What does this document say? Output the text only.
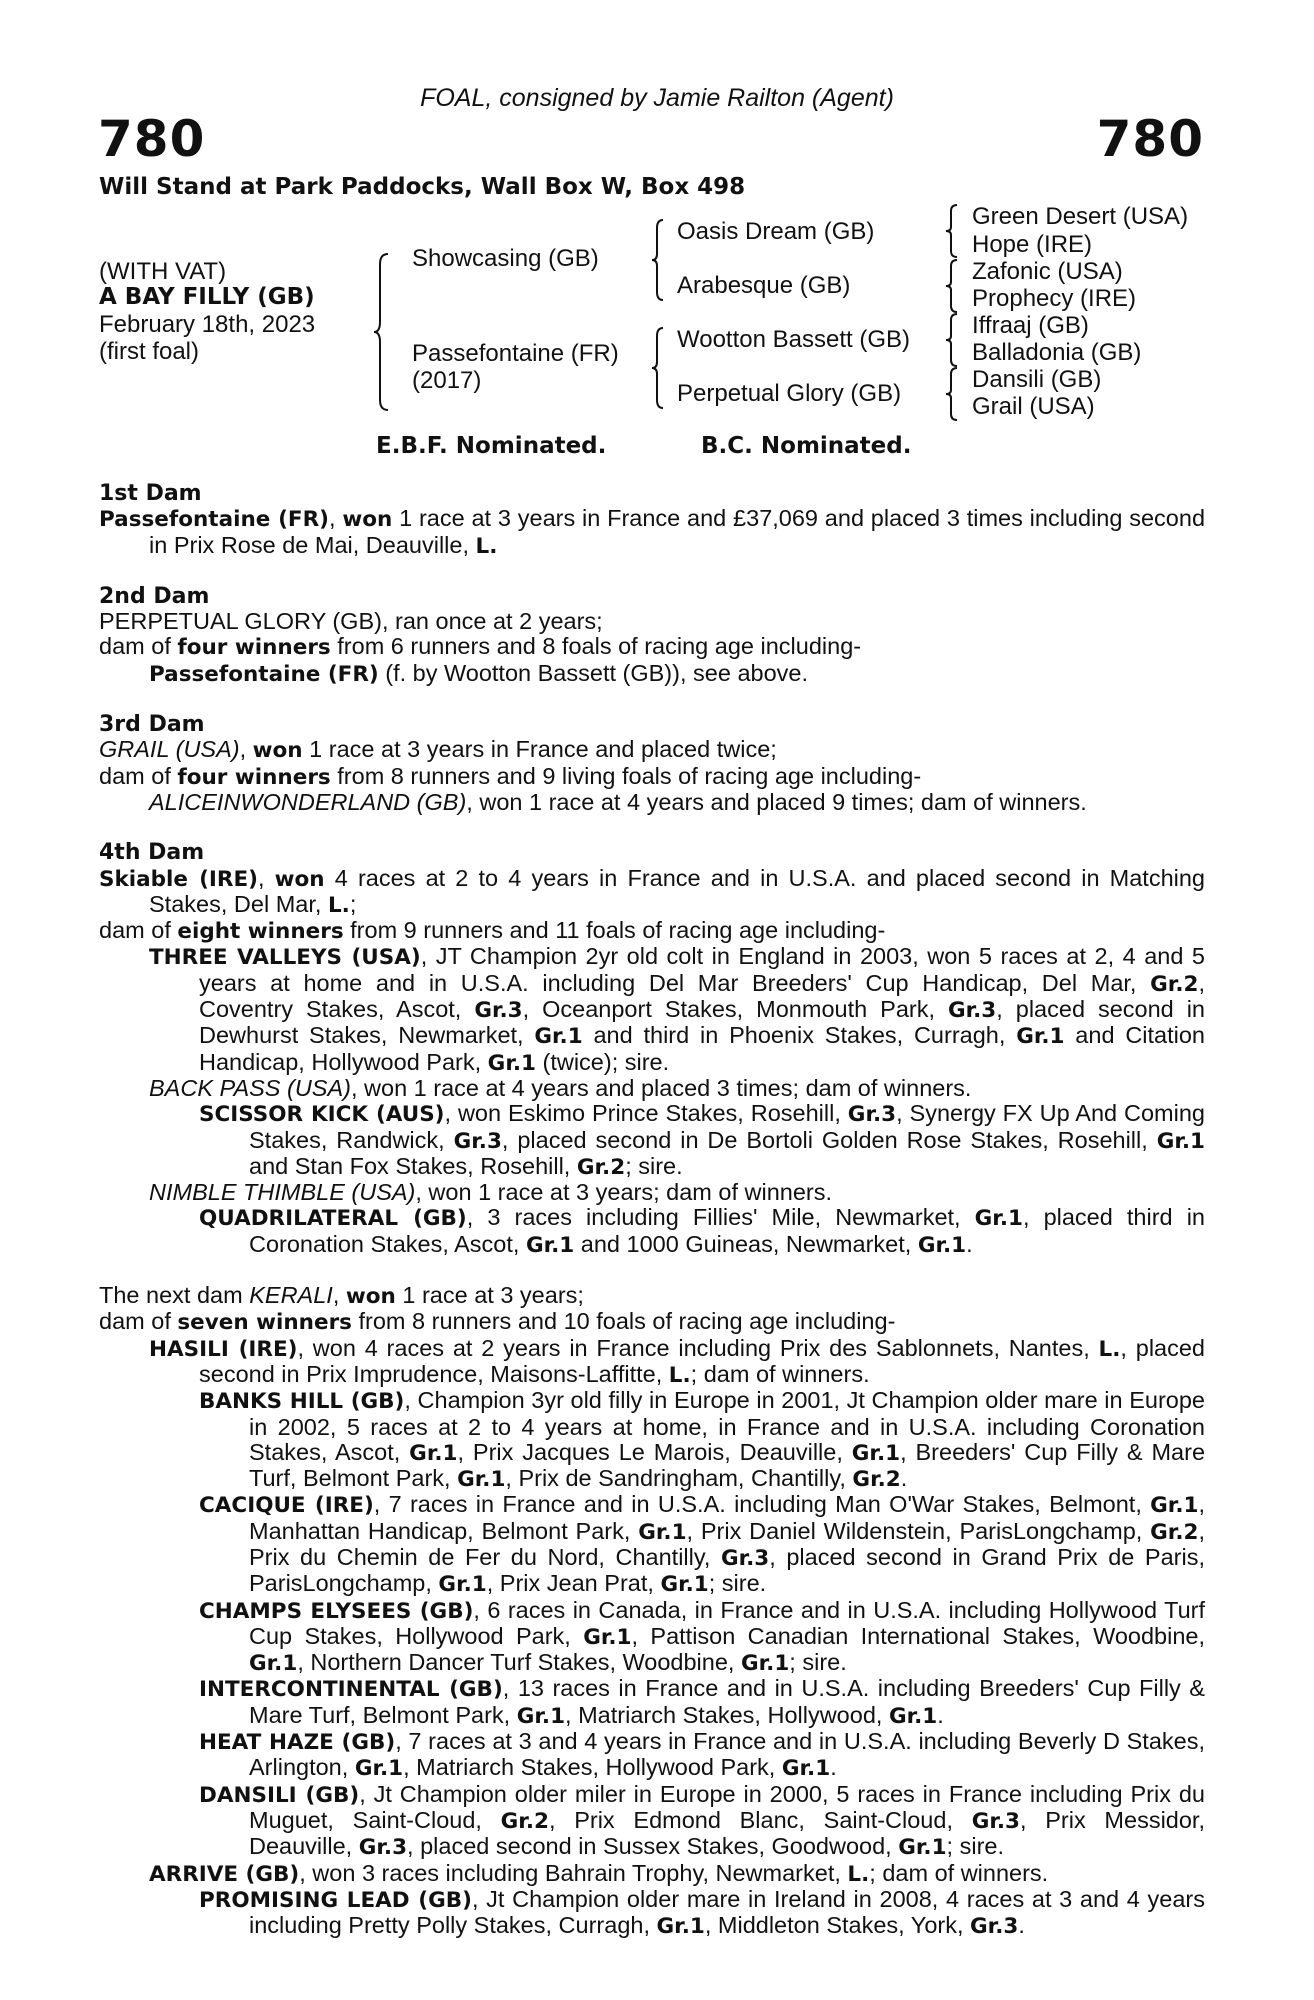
FOAL, consigned by Jamie Railton (Agent)
780	780
Will Stand at Park Paddocks, Wall Box W, Box 498
(WITH VAT)
A BAY FILLY (GB)
February 18th, 2023
(first foal)
Showcasing (GB)
Passefontaine (FR)
(2017)
Oasis Dream (GB)
Arabesque (GB)
Wootton Bassett (GB)
Perpetual Glory (GB)
Green Desert (USA)
Hope (IRE)
Zafonic (USA)
Prophecy (IRE)
Iffraaj (GB)
Balladonia (GB)
Dansili (GB)
Grail (USA)
E.B.F. Nominated.	B.C. Nominated.
1st Dam
Passefontaine (FR), won 1 race at 3 years in France and £37,069 and placed 3 times including second in Prix Rose de Mai, Deauville, L.
2nd Dam
PERPETUAL GLORY (GB), ran once at 2 years;
dam of four winners from 6 runners and 8 foals of racing age including-
Passefontaine (FR) (f. by Wootton Bassett (GB)), see above.
3rd Dam
GRAIL (USA), won 1 race at 3 years in France and placed twice;
dam of four winners from 8 runners and 9 living foals of racing age including-
ALICEINWONDERLAND (GB), won 1 race at 4 years and placed 9 times; dam of winners.
4th Dam
Skiable (IRE), won 4 races at 2 to 4 years in France and in U.S.A. and placed second in Matching Stakes, Del Mar, L.;
dam of eight winners from 9 runners and 11 foals of racing age including-
THREE VALLEYS (USA), JT Champion 2yr old colt in England in 2003, won 5 races at 2, 4 and 5 years at home and in U.S.A. including Del Mar Breeders' Cup Handicap, Del Mar, Gr.2, Coventry Stakes, Ascot, Gr.3, Oceanport Stakes, Monmouth Park, Gr.3, placed second in Dewhurst Stakes, Newmarket, Gr.1 and third in Phoenix Stakes, Curragh, Gr.1 and Citation Handicap, Hollywood Park, Gr.1 (twice); sire.
BACK PASS (USA), won 1 race at 4 years and placed 3 times; dam of winners.
SCISSOR KICK (AUS), won Eskimo Prince Stakes, Rosehill, Gr.3, Synergy FX Up And Coming Stakes, Randwick, Gr.3, placed second in De Bortoli Golden Rose Stakes, Rosehill, Gr.1 and Stan Fox Stakes, Rosehill, Gr.2; sire.
NIMBLE THIMBLE (USA), won 1 race at 3 years; dam of winners.
QUADRILATERAL (GB), 3 races including Fillies' Mile, Newmarket, Gr.1, placed third in Coronation Stakes, Ascot, Gr.1 and 1000 Guineas, Newmarket, Gr.1.
The next dam KERALI, won 1 race at 3 years;
dam of seven winners from 8 runners and 10 foals of racing age including-
HASILI (IRE), won 4 races at 2 years in France including Prix des Sablonnets, Nantes, L., placed second in Prix Imprudence, Maisons-Laffitte, L.; dam of winners.
BANKS HILL (GB), Champion 3yr old filly in Europe in 2001, Jt Champion older mare in Europe in 2002, 5 races at 2 to 4 years at home, in France and in U.S.A. including Coronation Stakes, Ascot, Gr.1, Prix Jacques Le Marois, Deauville, Gr.1, Breeders' Cup Filly & Mare Turf, Belmont Park, Gr.1, Prix de Sandringham, Chantilly, Gr.2.
CACIQUE (IRE), 7 races in France and in U.S.A. including Man O'War Stakes, Belmont, Gr.1, Manhattan Handicap, Belmont Park, Gr.1, Prix Daniel Wildenstein, ParisLongchamp, Gr.2, Prix du Chemin de Fer du Nord, Chantilly, Gr.3, placed second in Grand Prix de Paris, ParisLongchamp, Gr.1, Prix Jean Prat, Gr.1; sire.
CHAMPS ELYSEES (GB), 6 races in Canada, in France and in U.S.A. including Hollywood Turf Cup Stakes, Hollywood Park, Gr.1, Pattison Canadian International Stakes, Woodbine, Gr.1, Northern Dancer Turf Stakes, Woodbine, Gr.1; sire.
INTERCONTINENTAL (GB), 13 races in France and in U.S.A. including Breeders' Cup Filly & Mare Turf, Belmont Park, Gr.1, Matriarch Stakes, Hollywood, Gr.1.
HEAT HAZE (GB), 7 races at 3 and 4 years in France and in U.S.A. including Beverly D Stakes, Arlington, Gr.1, Matriarch Stakes, Hollywood Park, Gr.1.
DANSILI (GB), Jt Champion older miler in Europe in 2000, 5 races in France including Prix du Muguet, Saint-Cloud, Gr.2, Prix Edmond Blanc, Saint-Cloud, Gr.3, Prix Messidor, Deauville, Gr.3, placed second in Sussex Stakes, Goodwood, Gr.1; sire.
ARRIVE (GB), won 3 races including Bahrain Trophy, Newmarket, L.; dam of winners.
PROMISING LEAD (GB), Jt Champion older mare in Ireland in 2008, 4 races at 3 and 4 years including Pretty Polly Stakes, Curragh, Gr.1, Middleton Stakes, York, Gr.3.
